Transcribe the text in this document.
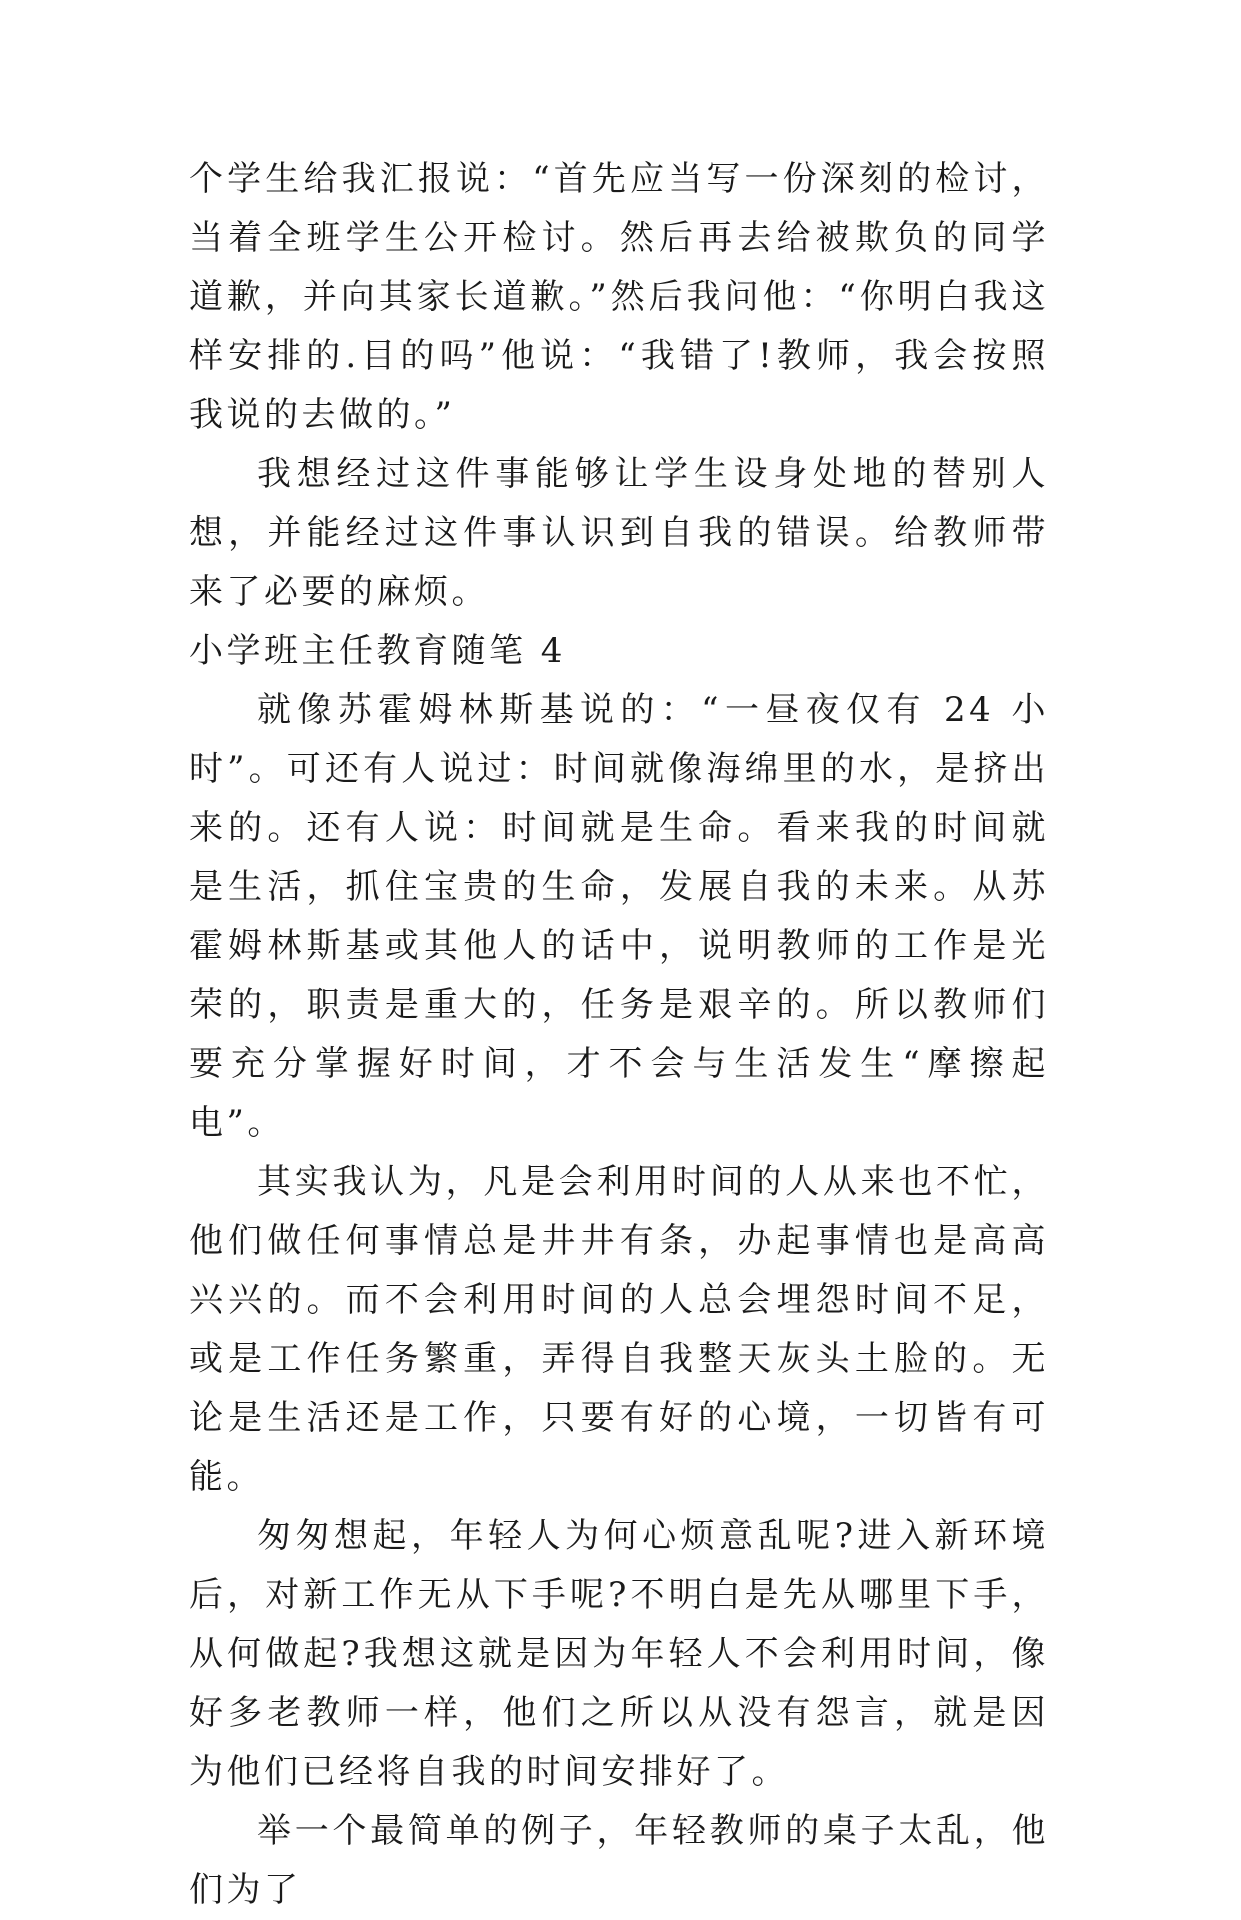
个学生给我汇报说：“首先应当写一份深刻的检讨，当着全班学生公开检讨。然后再去给被欺负的同学道歉，并向其家长道歉。”然后我问他：“你明白我这样安排的.目的吗”他说：“我错了!教师，我会按照我说的去做的。”

我想经过这件事能够让学生设身处地的替别人想，并能经过这件事认识到自我的错误。给教师带来了必要的麻烦。

小学班主任教育随笔 4

就像苏霍姆林斯基说的：“一昼夜仅有 24 小时”。可还有人说过：时间就像海绵里的水，是挤出来的。还有人说：时间就是生命。看来我的时间就是生活，抓住宝贵的生命，发展自我的未来。从苏霍姆林斯基或其他人的话中，说明教师的工作是光荣的，职责是重大的，任务是艰辛的。所以教师们要充分掌握好时间，才不会与生活发生“摩擦起电”。

其实我认为，凡是会利用时间的人从来也不忙，他们做任何事情总是井井有条，办起事情也是高高兴兴的。而不会利用时间的人总会埋怨时间不足，或是工作任务繁重，弄得自我整天灰头土脸的。无论是生活还是工作，只要有好的心境，一切皆有可能。

匆匆想起，年轻人为何心烦意乱呢?进入新环境后，对新工作无从下手呢?不明白是先从哪里下手，从何做起?我想这就是因为年轻人不会利用时间，像好多老教师一样，他们之所以从没有怨言，就是因为他们已经将自我的时间安排好了。

举一个最简单的例子，年轻教师的桌子太乱，他们为了
